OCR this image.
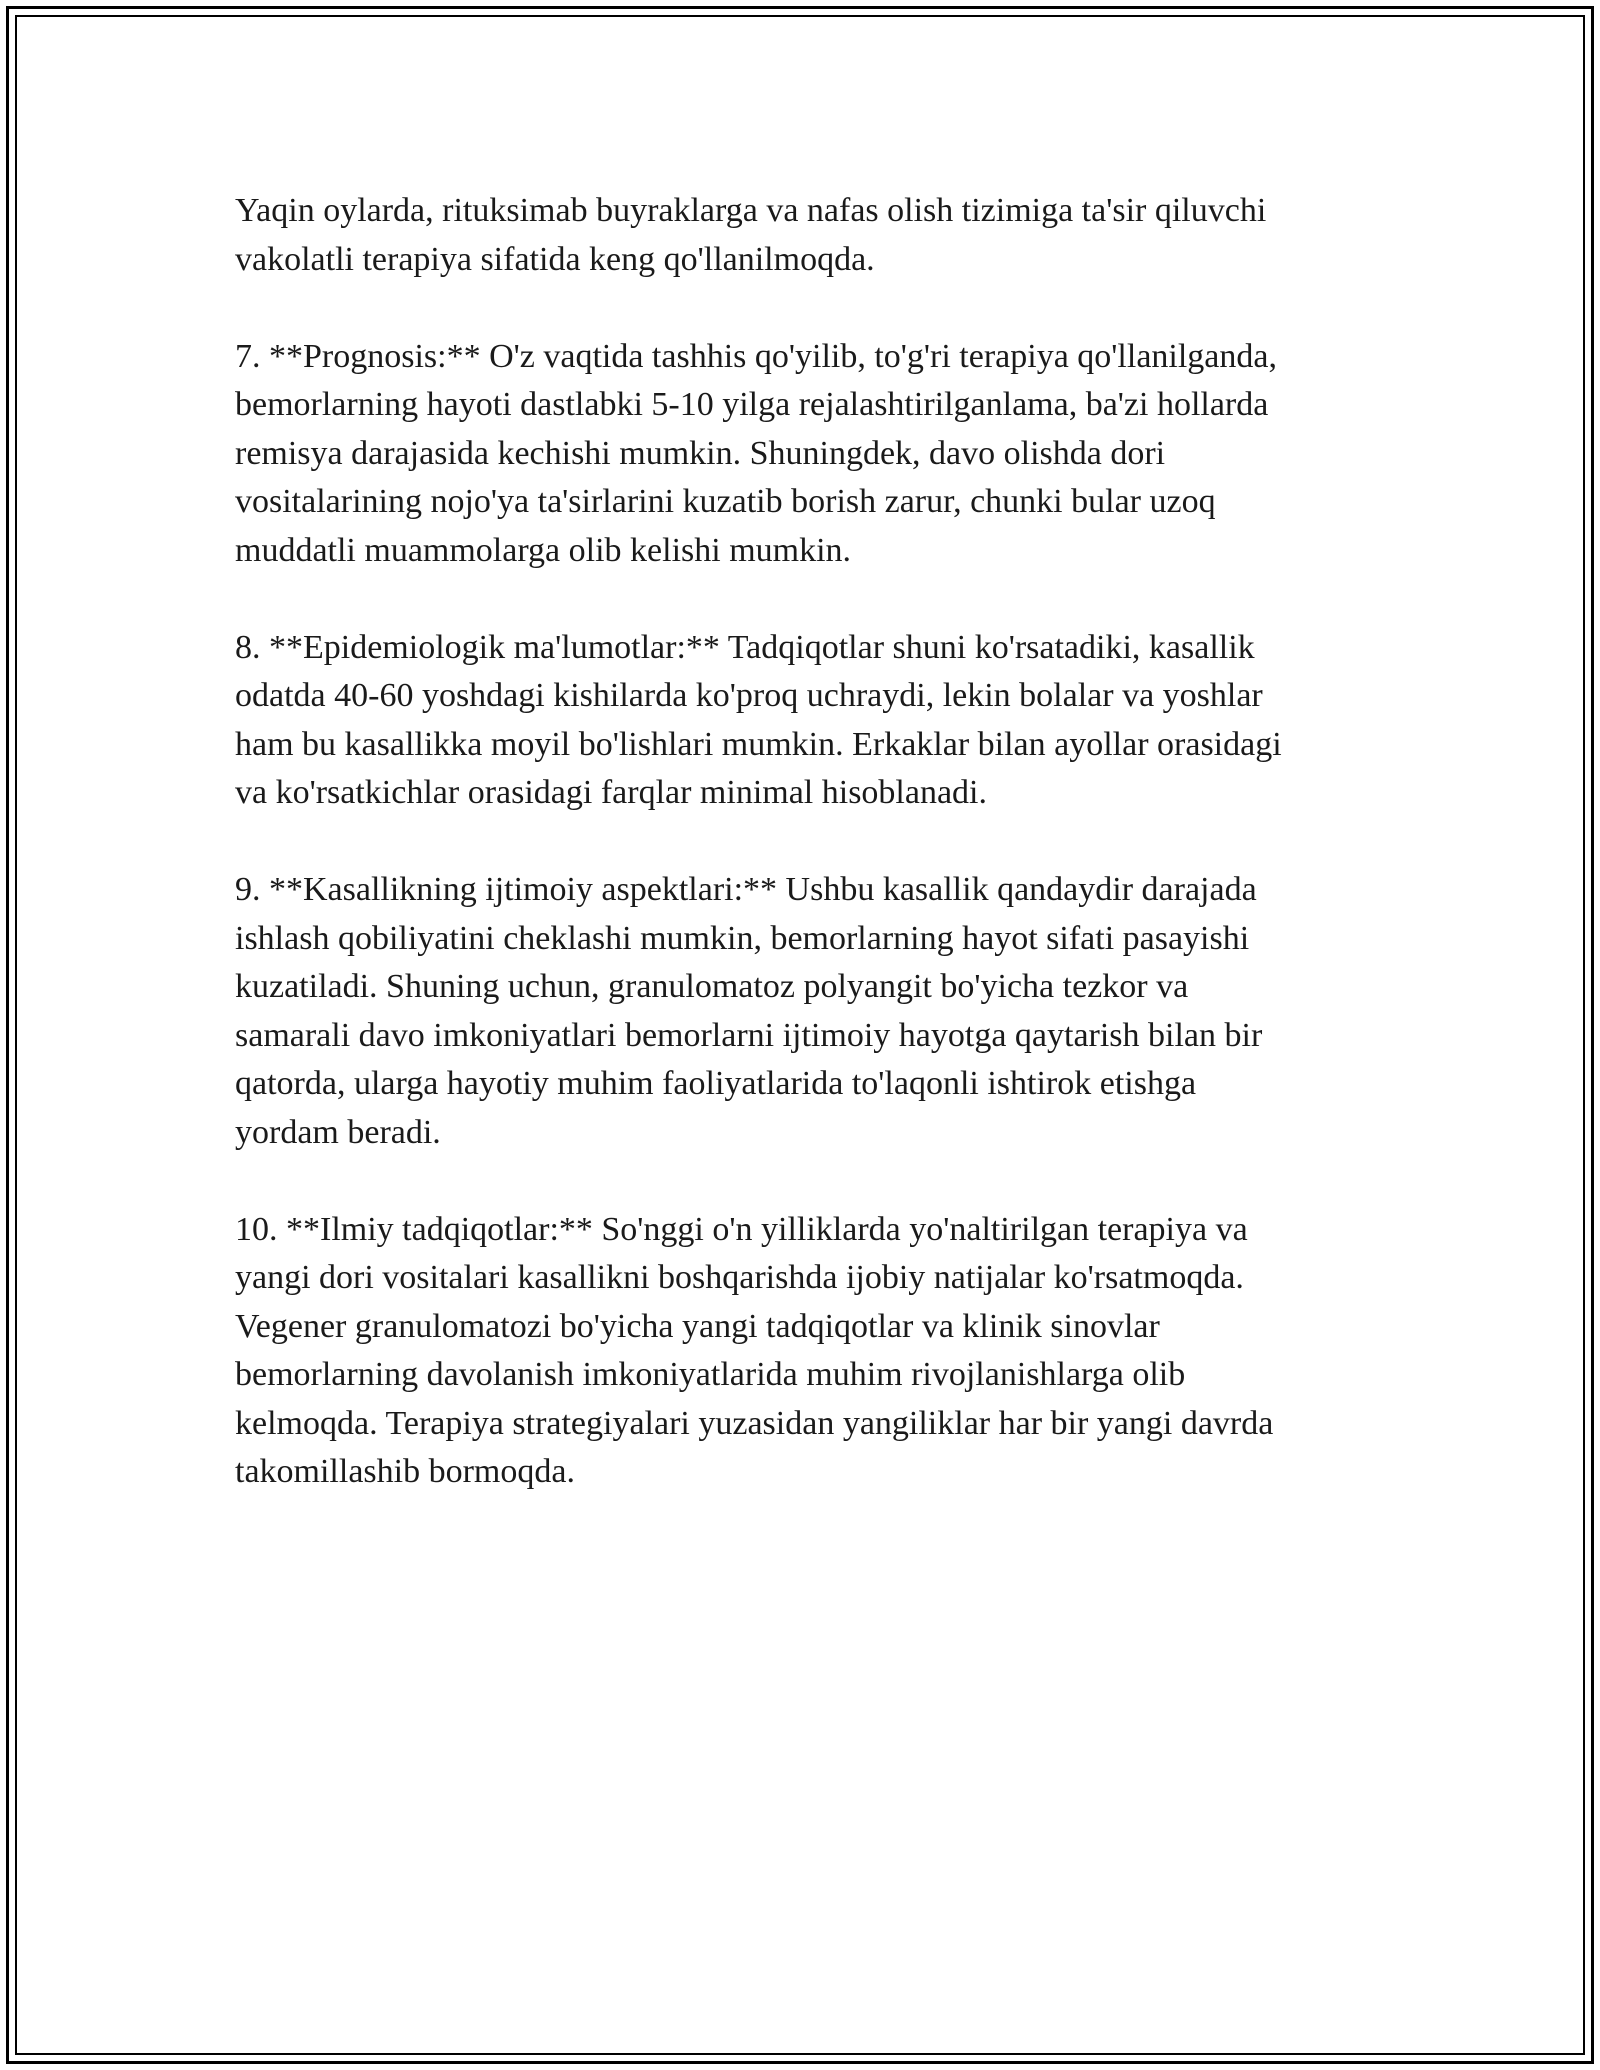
Yaqin oylarda, rituksimab buyraklarga va nafas olish tizimiga ta'sir qiluvchi
vakolatli terapiya sifatida keng qo'llanilmoqda.

7. **Prognosis:** O'z vaqtida tashhis qo'yilib, to'g'ri terapiya qo'llanilganda,
bemorlarning hayoti dastlabki 5-10 yilga rejalashtirilganlama, ba'zi hollarda
remisya darajasida kechishi mumkin. Shuningdek, davo olishda dori
vositalarining nojo'ya ta'sirlarini kuzatib borish zarur, chunki bular uzoq
muddatli muammolarga olib kelishi mumkin.

8. **Epidemiologik ma'lumotlar:** Tadqiqotlar shuni ko'rsatadiki, kasallik
odatda 40-60 yoshdagi kishilarda ko'proq uchraydi, lekin bolalar va yoshlar
ham bu kasallikka moyil bo'lishlari mumkin. Erkaklar bilan ayollar orasidagi
va ko'rsatkichlar orasidagi farqlar minimal hisoblanadi.

9. **Kasallikning ijtimoiy aspektlari:** Ushbu kasallik qandaydir darajada
ishlash qobiliyatini cheklashi mumkin, bemorlarning hayot sifati pasayishi
kuzatiladi. Shuning uchun, granulomatoz polyangit bo'yicha tezkor va
samarali davo imkoniyatlari bemorlarni ijtimoiy hayotga qaytarish bilan bir
qatorda, ularga hayotiy muhim faoliyatlarida to'laqonli ishtirok etishga
yordam beradi.

10. **Ilmiy tadqiqotlar:** So'nggi o'n yilliklarda yo'naltirilgan terapiya va
yangi dori vositalari kasallikni boshqarishda ijobiy natijalar ko'rsatmoqda.
Vegener granulomatozi bo'yicha yangi tadqiqotlar va klinik sinovlar
bemorlarning davolanish imkoniyatlarida muhim rivojlanishlarga olib
kelmoqda. Terapiya strategiyalari yuzasidan yangiliklar har bir yangi davrda
takomillashib bormoqda.
